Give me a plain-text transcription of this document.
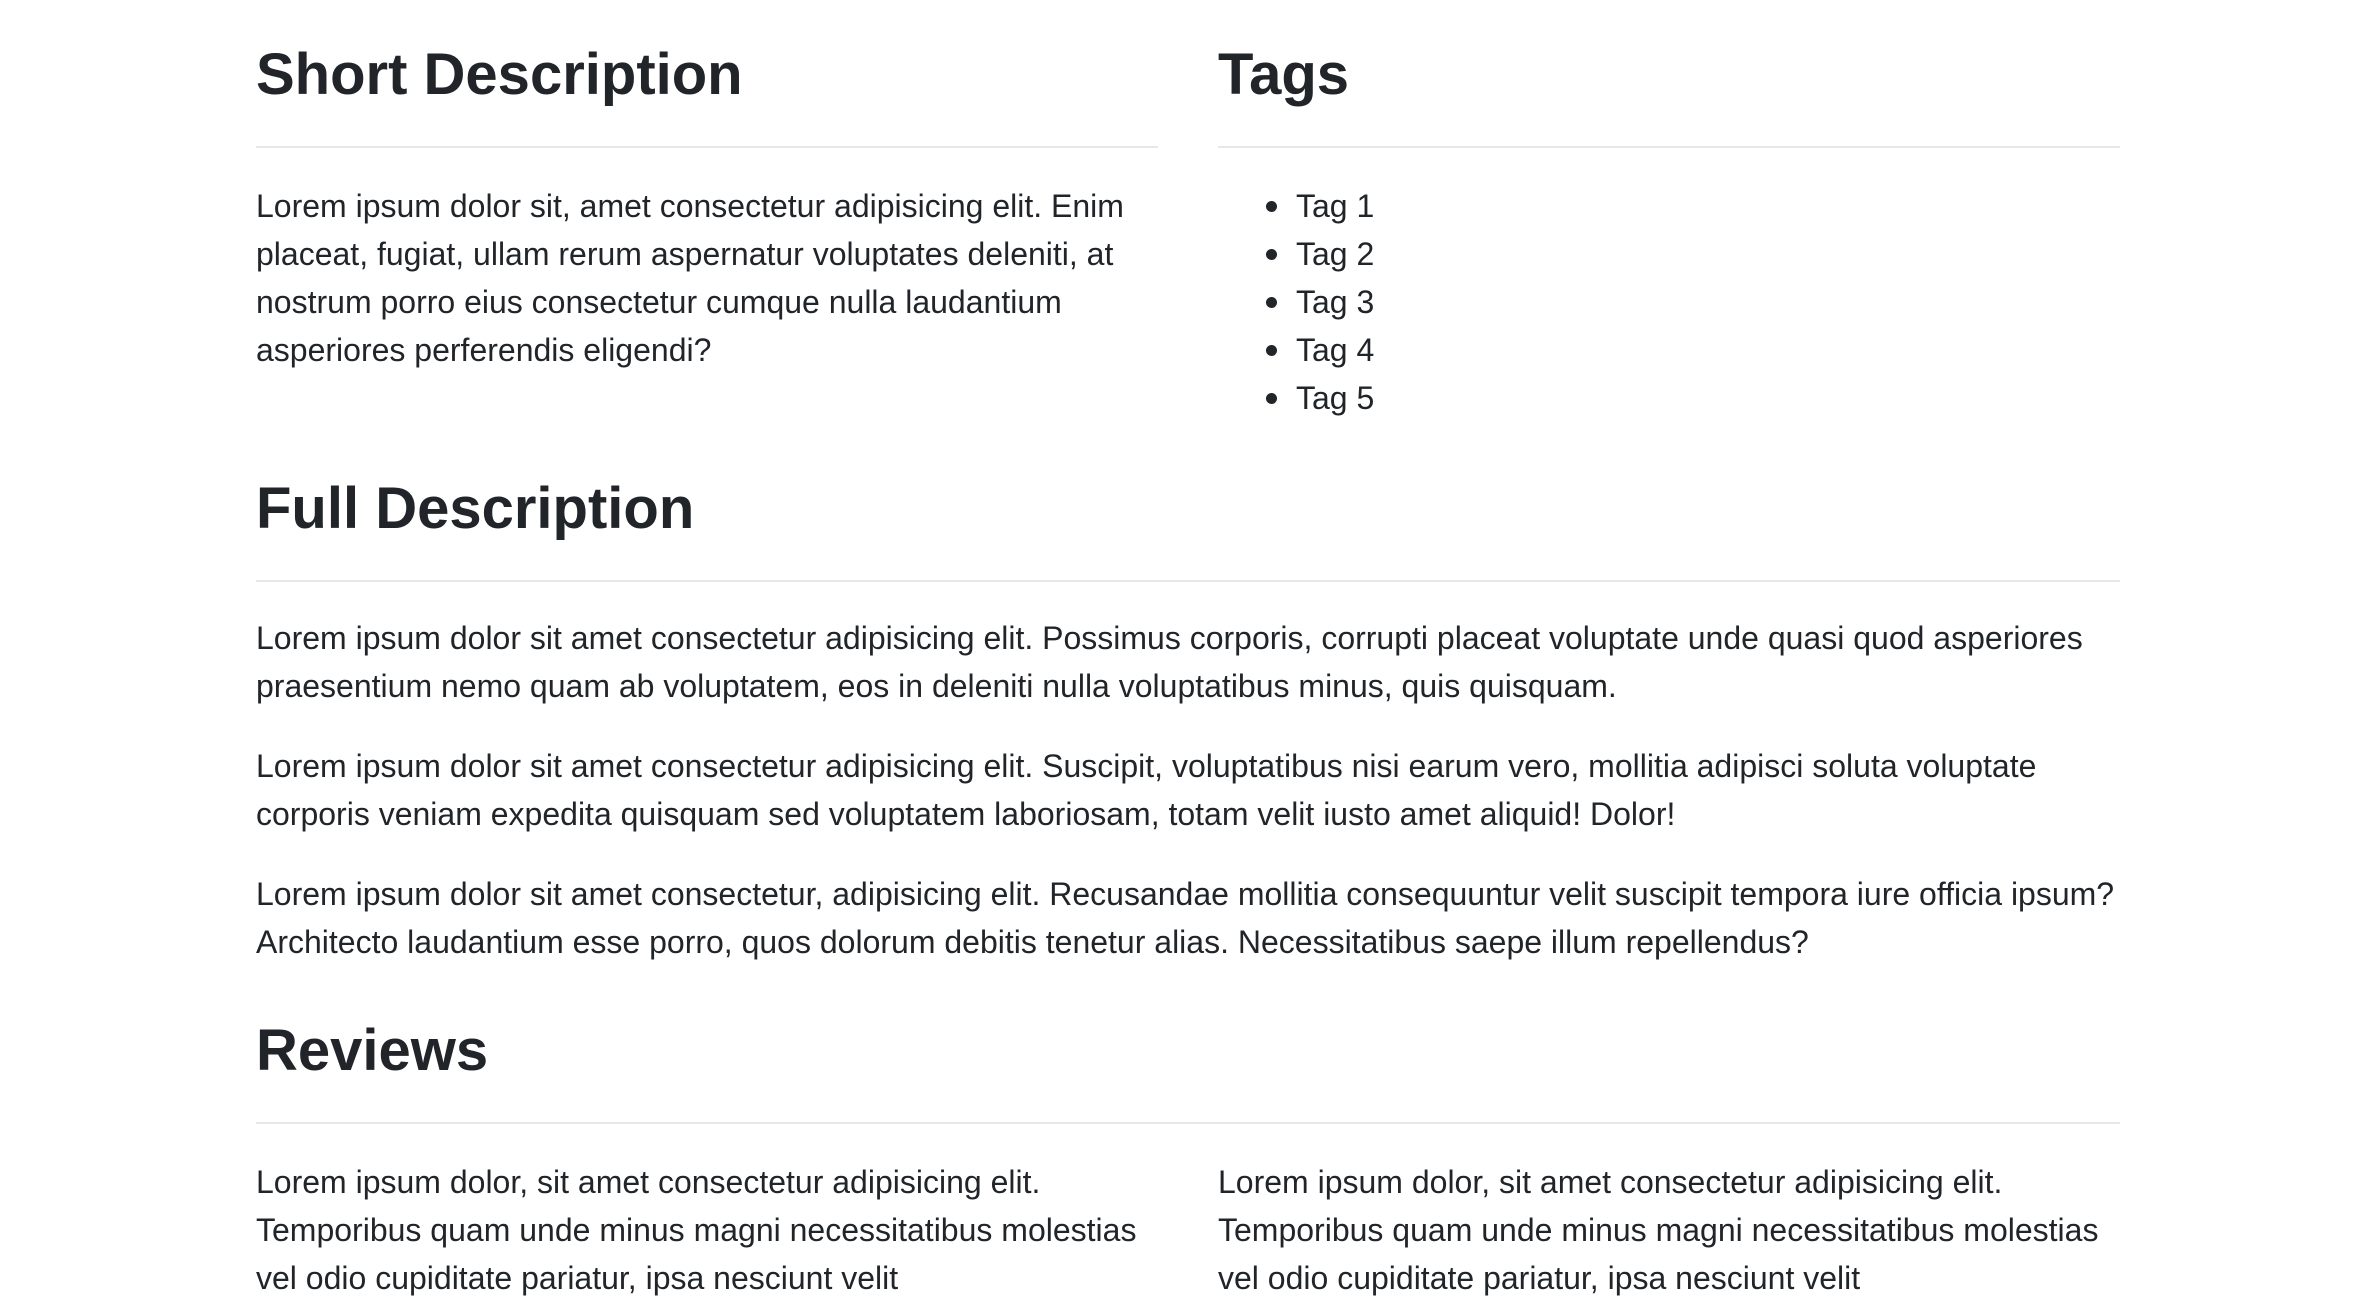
Short Description

Lorem ipsum dolor sit, amet consectetur adipisicing elit. Enim placeat, fugiat, ullam rerum aspernatur voluptates deleniti, at nostrum porro eius consectetur cumque nulla laudantium asperiores perferendis eligendi?

Tags
Tag 1
Tag 2
Tag 3
Tag 4
Tag 5
Full Description

Lorem ipsum dolor sit amet consectetur adipisicing elit. Possimus corporis, corrupti placeat voluptate unde quasi quod asperiores praesentium nemo quam ab voluptatem, eos in deleniti nulla voluptatibus minus, quis quisquam.

Lorem ipsum dolor sit amet consectetur adipisicing elit. Suscipit, voluptatibus nisi earum vero, mollitia adipisci soluta voluptate corporis veniam expedita quisquam sed voluptatem laboriosam, totam velit iusto amet aliquid! Dolor!

Lorem ipsum dolor sit amet consectetur, adipisicing elit. Recusandae mollitia consequuntur velit suscipit tempora iure officia ipsum? Architecto laudantium esse porro, quos dolorum debitis tenetur alias. Necessitatibus saepe illum repellendus?

Reviews

Lorem ipsum dolor, sit amet consectetur adipisicing elit. Temporibus quam unde minus magni necessitatibus molestias vel odio cupiditate pariatur, ipsa nesciunt velit

Lorem ipsum dolor, sit amet consectetur adipisicing elit. Temporibus quam unde minus magni necessitatibus molestias vel odio cupiditate pariatur, ipsa nesciunt velit
